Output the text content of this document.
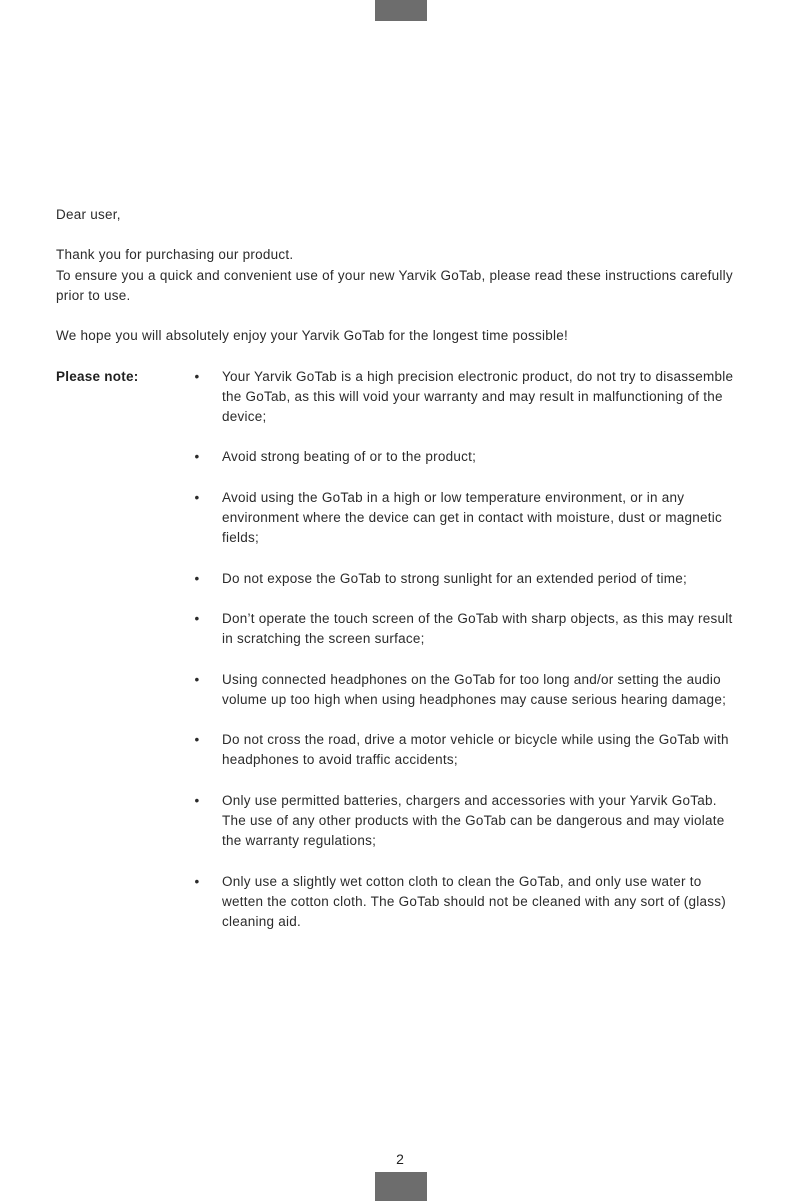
Dear user,

Thank you for purchasing our product.
To ensure you a quick and convenient use of your new Yarvik GoTab, please read these instructions carefully
prior to use.

We hope you will absolutely enjoy your Yarvik GoTab for the longest time possible!

Please note:	• Your Yarvik GoTab is a high precision electronic product, do not try to disassemble the GoTab, as this will void your warranty and may result in malfunctioning of the device;
• Avoid strong beating of or to the product;
• Avoid using the GoTab in a high or low temperature environment, or in any environment where the device can get in contact with moisture, dust or magnetic fields;
• Do not expose the GoTab to strong sunlight for an extended period of time;
• Don’t operate the touch screen of the GoTab with sharp objects, as this may result in scratching the screen surface;
• Using connected headphones on the GoTab for too long and/or setting the audio volume up too high when using headphones may cause serious hearing damage;
• Do not cross the road, drive a motor vehicle or bicycle while using the GoTab with headphones to avoid traffic accidents;
• Only use permitted batteries, chargers and accessories with your Yarvik GoTab. The use of any other products with the GoTab can be dangerous and may violate the warranty regulations;
• Only use a slightly wet cotton cloth to clean the GoTab, and only use water to wetten the cotton cloth. The GoTab should not be cleaned with any sort of (glass) cleaning aid.
2
